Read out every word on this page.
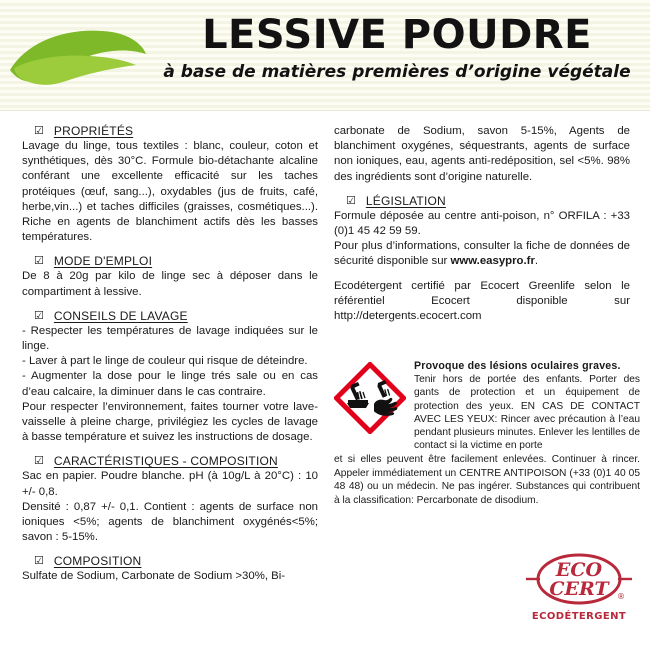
LESSIVE POUDRE
à base de matières premières d’origine végétale
☑ PROPRIÉTÉS

Lavage du linge, tous textiles : blanc, couleur, coton et synthétiques, dès 30°C. Formule bio-détachante alcaline conférant une excellente efficacité sur les taches protéiques (œuf, sang...), oxydables (jus de fruits, café, herbe,vin...) et taches difficiles (graisses, cosmétiques...). Riche en agents de blanchiment actifs dès les basses températures.

☑ MODE D'EMPLOI

De 8 à 20g par kilo de linge sec à déposer dans le compartiment à lessive.

☑ CONSEILS DE LAVAGE

- Respecter les températures de lavage indiquées sur le linge.

- Laver à part le linge de couleur qui risque de déteindre.

- Augmenter la dose pour le linge trés sale ou en cas d’eau calcaire, la diminuer dans le cas contraire.

Pour respecter l’environnement, faites tourner votre lave-vaisselle à pleine charge, privilégiez les cycles de lavage à basse température et suivez les instructions de dosage.

☑ CARACTÉRISTIQUES - COMPOSITION

Sac en papier. Poudre blanche. pH (à 10g/L à 20°C) : 10 +/- 0,8.

Densité : 0,87 +/- 0,1. Contient : agents de surface non ioniques <5%; agents de blanchiment oxygénés<5%; savon : 5-15%.

☑ COMPOSITION

Sulfate de Sodium, Carbonate de Sodium >30%, Bi-

carbonate de Sodium, savon 5-15%, Agents de blanchiment oxygénes, séquestrants, agents de surface non ioniques, eau, agents anti-redéposition, sel <5%. 98% des ingrédients sont d’origine naturelle.

☑ LÉGISLATION

Formule déposée au centre anti-poison, n° ORFILA : +33 (0)1 45 42 59 59.

Pour plus d’informations, consulter la fiche de données de sécurité disponible sur www.easypro.fr.

Ecodétergent certifié par Ecocert Greenlife selon le référentiel Ecocert disponible sur http://detergents.ecocert.com

Provoque des lésions oculaires graves.
Tenir hors de portée des enfants. Porter des gants de protection et un équipement de protection des yeux. EN CAS DE CONTACT AVEC LES YEUX: Rincer avec précaution à l’eau pendant plusieurs minutes. Enlever les lentilles de contact si la victime en porte
et si elles peuvent être facilement enlevées. Continuer à rincer. Appeler immédiatement un CENTRE ANTIPOISON (+33 (0)1 40 05 48 48) ou un médecin. Ne pas ingérer. Substances qui contribuent à la classification: Percarbonate de disodium.
ECO
CERT ®
ECODÉTERGENT
